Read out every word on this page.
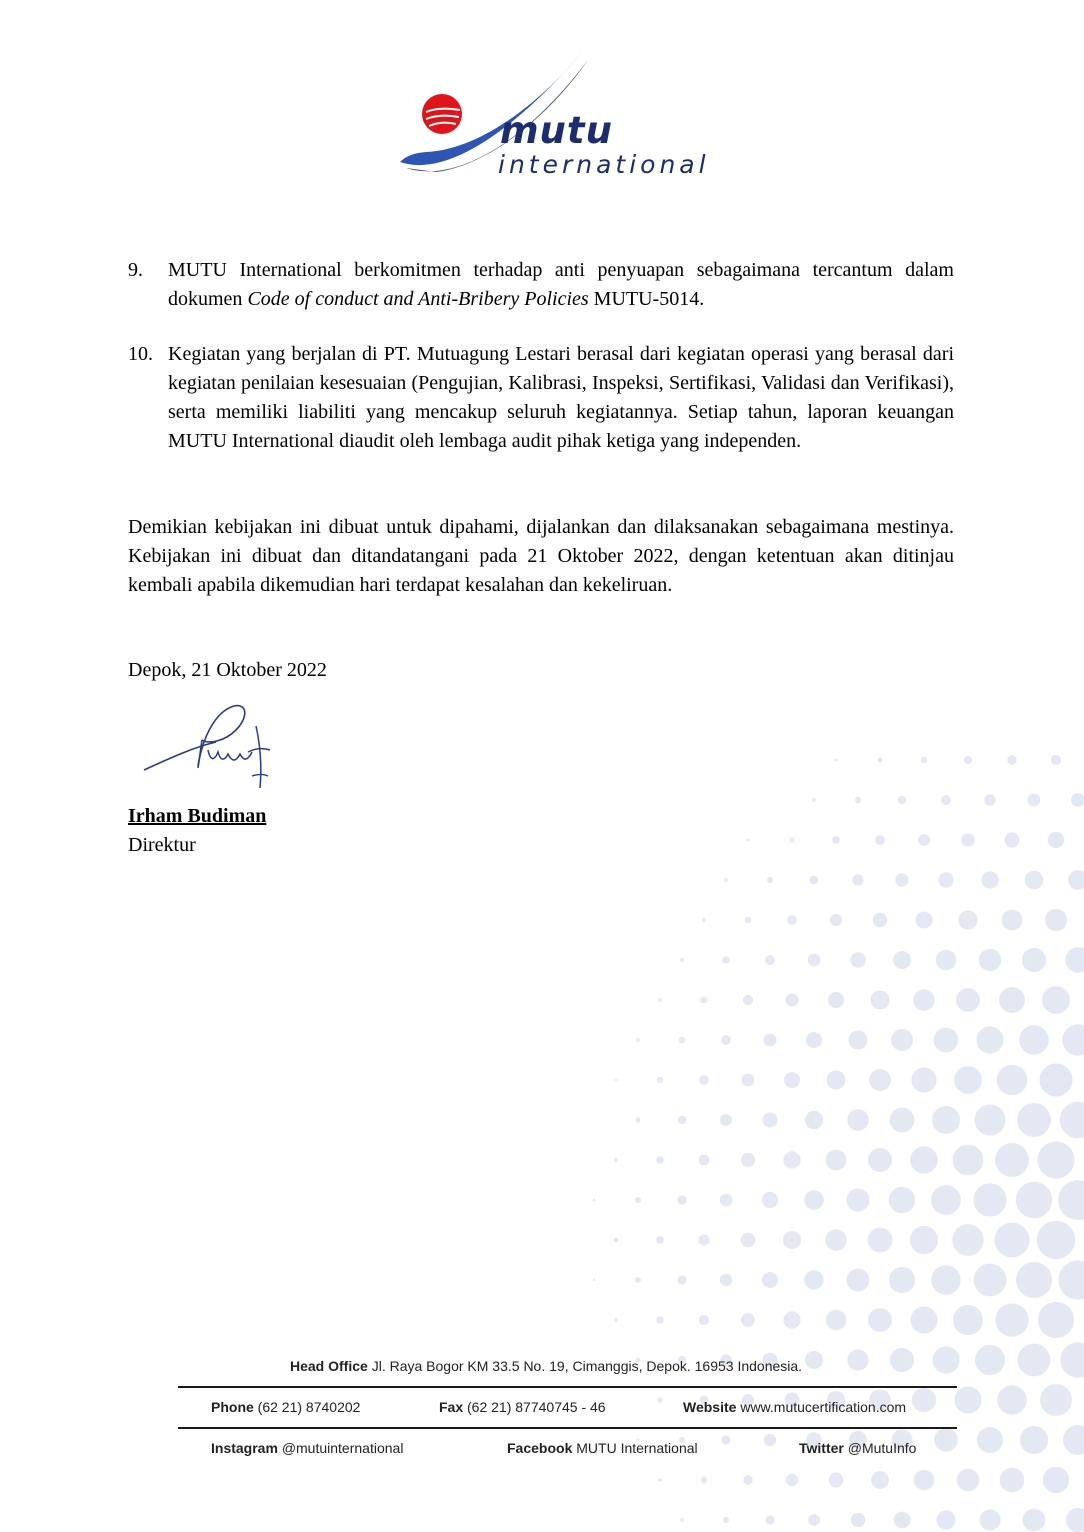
mutu
international
9. MUTU International berkomitmen terhadap anti penyuapan sebagaimana tercantum dalam dokumen Code of conduct and Anti-Bribery Policies MUTU-5014.
10. Kegiatan yang berjalan di PT. Mutuagung Lestari berasal dari kegiatan operasi yang berasal dari kegiatan penilaian kesesuaian (Pengujian, Kalibrasi, Inspeksi, Sertifikasi, Validasi dan Verifikasi), serta memiliki liabiliti yang mencakup seluruh kegiatannya. Setiap tahun, laporan keuangan MUTU International diaudit oleh lembaga audit pihak ketiga yang independen.
Demikian kebijakan ini dibuat untuk dipahami, dijalankan dan dilaksanakan sebagaimana mestinya. Kebijakan ini dibuat dan ditandatangani pada 21 Oktober 2022, dengan ketentuan akan ditinjau kembali apabila dikemudian hari terdapat kesalahan dan kekeliruan.
Depok, 21 Oktober 2022
Irham Budiman
Direktur
Head Office Jl. Raya Bogor KM 33.5 No. 19, Cimanggis, Depok. 16953 Indonesia.
Phone (62 21) 8740202	Fax (62 21) 87740745 - 46	Website www.mutucertification.com
Instagram @mutuinternational	Facebook MUTU International	Twitter @MutuInfo
